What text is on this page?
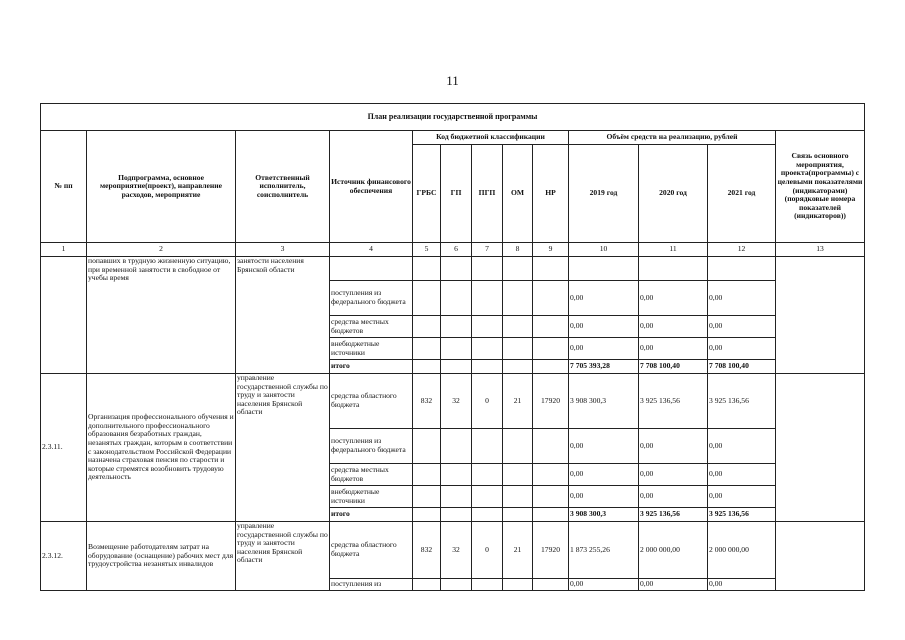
11
План реализации государственной программы												
№ пп	Подпрограмма, основное мероприятие(проект), направление расходов, мероприятие	Ответственный исполнитель, соисполнитель	Источник финансового обеспечения	Код бюджетной классификации					Объём средств на реализацию, рублей			Связь основного мероприятия, проекта(программы) с целевыми показателями (индикаторами) (порядковые номера показателей (индикаторов))
				ГРБС	ГП	ПГП	ОМ	НР	2019 год	2020 год	2021 год	
1	2	3	4	5	6	7	8	9	10	11	12	13
	попавших в трудную жизненную ситуацию, при временной занятости в свободное от учебы время	занятости населения Брянской области										
			поступления из федерального бюджета						0,00	0,00	0,00	
			средства местных бюджетов						0,00	0,00	0,00	
			внебюджетные источники						0,00	0,00	0,00	
			итого						7 705 393,28	7 708 100,40	7 708 100,40	
2.3.11.	Организация профессионального обучения и дополнительного профессионального образования безработных граждан, незанятых граждан, которым в соответствии с законодательством Российской Федерации назначена страховая пенсия по старости и которые стремятся возобновить трудовую деятельность	управление государственной службы по труду и занятости населения Брянской области	средства областного бюджета	832	32	0	21	17920	3 908 300,3	3 925 136,56	3 925 136,56	
			поступления из федерального бюджета						0,00	0,00	0,00	
			средства местных бюджетов						0,00	0,00	0,00	
			внебюджетные источники						0,00	0,00	0,00	
			итого						3 908 300,3	3 925 136,56	3 925 136,56	
2.3.12.	Возмещение работодателям затрат на оборудование (оснащение) рабочих мест для трудоустройства незанятых инвалидов	управление государственной службы по труду и занятости населения Брянской области	средства областного бюджета	832	32	0	21	17920	1 873 255,26	2 000 000,00	2 000 000,00	
			поступления из						0,00	0,00	0,00	
